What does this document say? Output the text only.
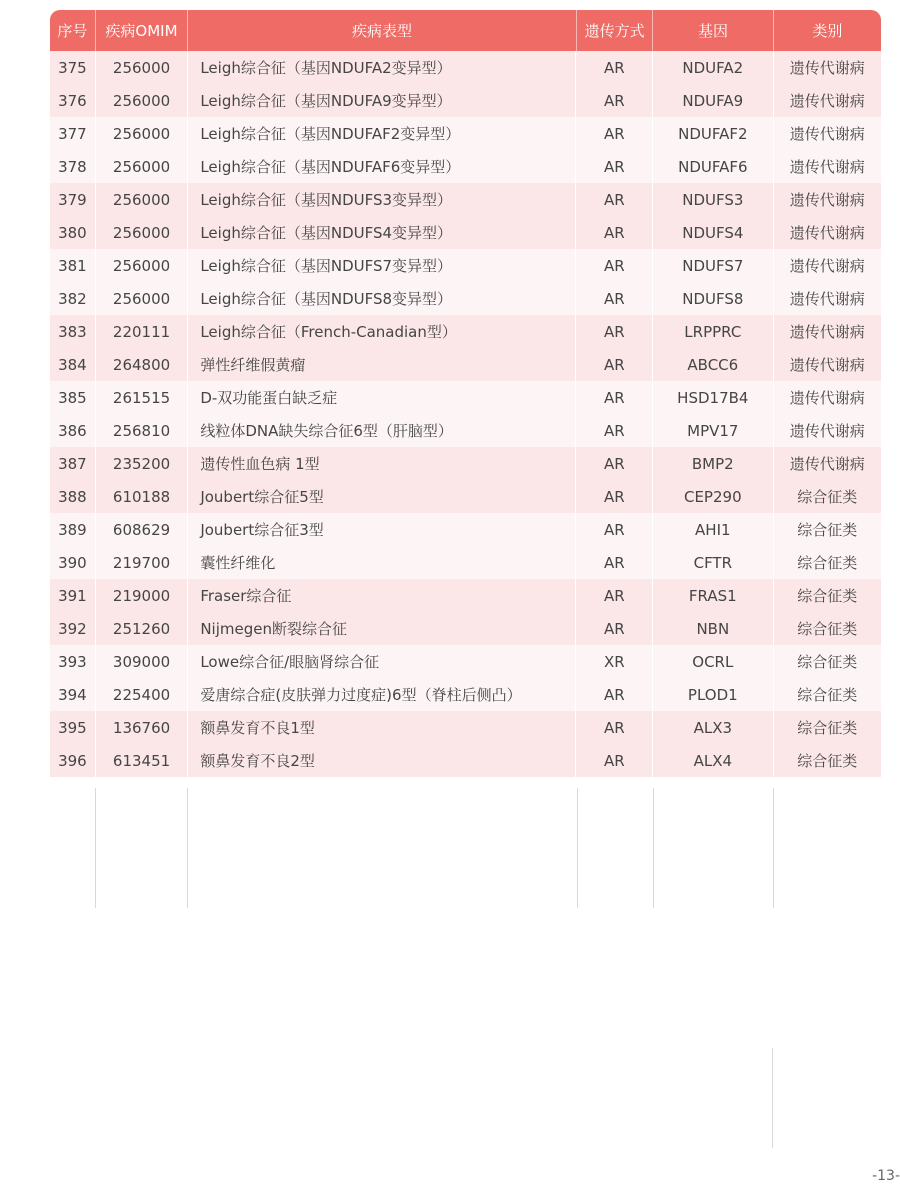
序号	疾病OMIM	疾病表型	遗传方式	基因	类别
375	256000	Leigh综合征（基因NDUFA2变异型）	AR	NDUFA2	遗传代谢病
376	256000	Leigh综合征（基因NDUFA9变异型）	AR	NDUFA9	遗传代谢病
377	256000	Leigh综合征（基因NDUFAF2变异型）	AR	NDUFAF2	遗传代谢病
378	256000	Leigh综合征（基因NDUFAF6变异型）	AR	NDUFAF6	遗传代谢病
379	256000	Leigh综合征（基因NDUFS3变异型）	AR	NDUFS3	遗传代谢病
380	256000	Leigh综合征（基因NDUFS4变异型）	AR	NDUFS4	遗传代谢病
381	256000	Leigh综合征（基因NDUFS7变异型）	AR	NDUFS7	遗传代谢病
382	256000	Leigh综合征（基因NDUFS8变异型）	AR	NDUFS8	遗传代谢病
383	220111	Leigh综合征（French-Canadian型）	AR	LRPPRC	遗传代谢病
384	264800	弹性纤维假黄瘤	AR	ABCC6	遗传代谢病
385	261515	D-双功能蛋白缺乏症	AR	HSD17B4	遗传代谢病
386	256810	线粒体DNA缺失综合征6型（肝脑型）	AR	MPV17	遗传代谢病
387	235200	遗传性血色病 1型	AR	BMP2	遗传代谢病
388	610188	Joubert综合征5型	AR	CEP290	综合征类
389	608629	Joubert综合征3型	AR	AHI1	综合征类
390	219700	囊性纤维化	AR	CFTR	综合征类
391	219000	Fraser综合征	AR	FRAS1	综合征类
392	251260	Nijmegen断裂综合征	AR	NBN	综合征类
393	309000	Lowe综合征/眼脑肾综合征	XR	OCRL	综合征类
394	225400	爱唐综合症(皮肤弹力过度症)6型（脊柱后侧凸）	AR	PLOD1	综合征类
395	136760	额鼻发育不良1型	AR	ALX3	综合征类
396	613451	额鼻发育不良2型	AR	ALX4	综合征类
-13-
